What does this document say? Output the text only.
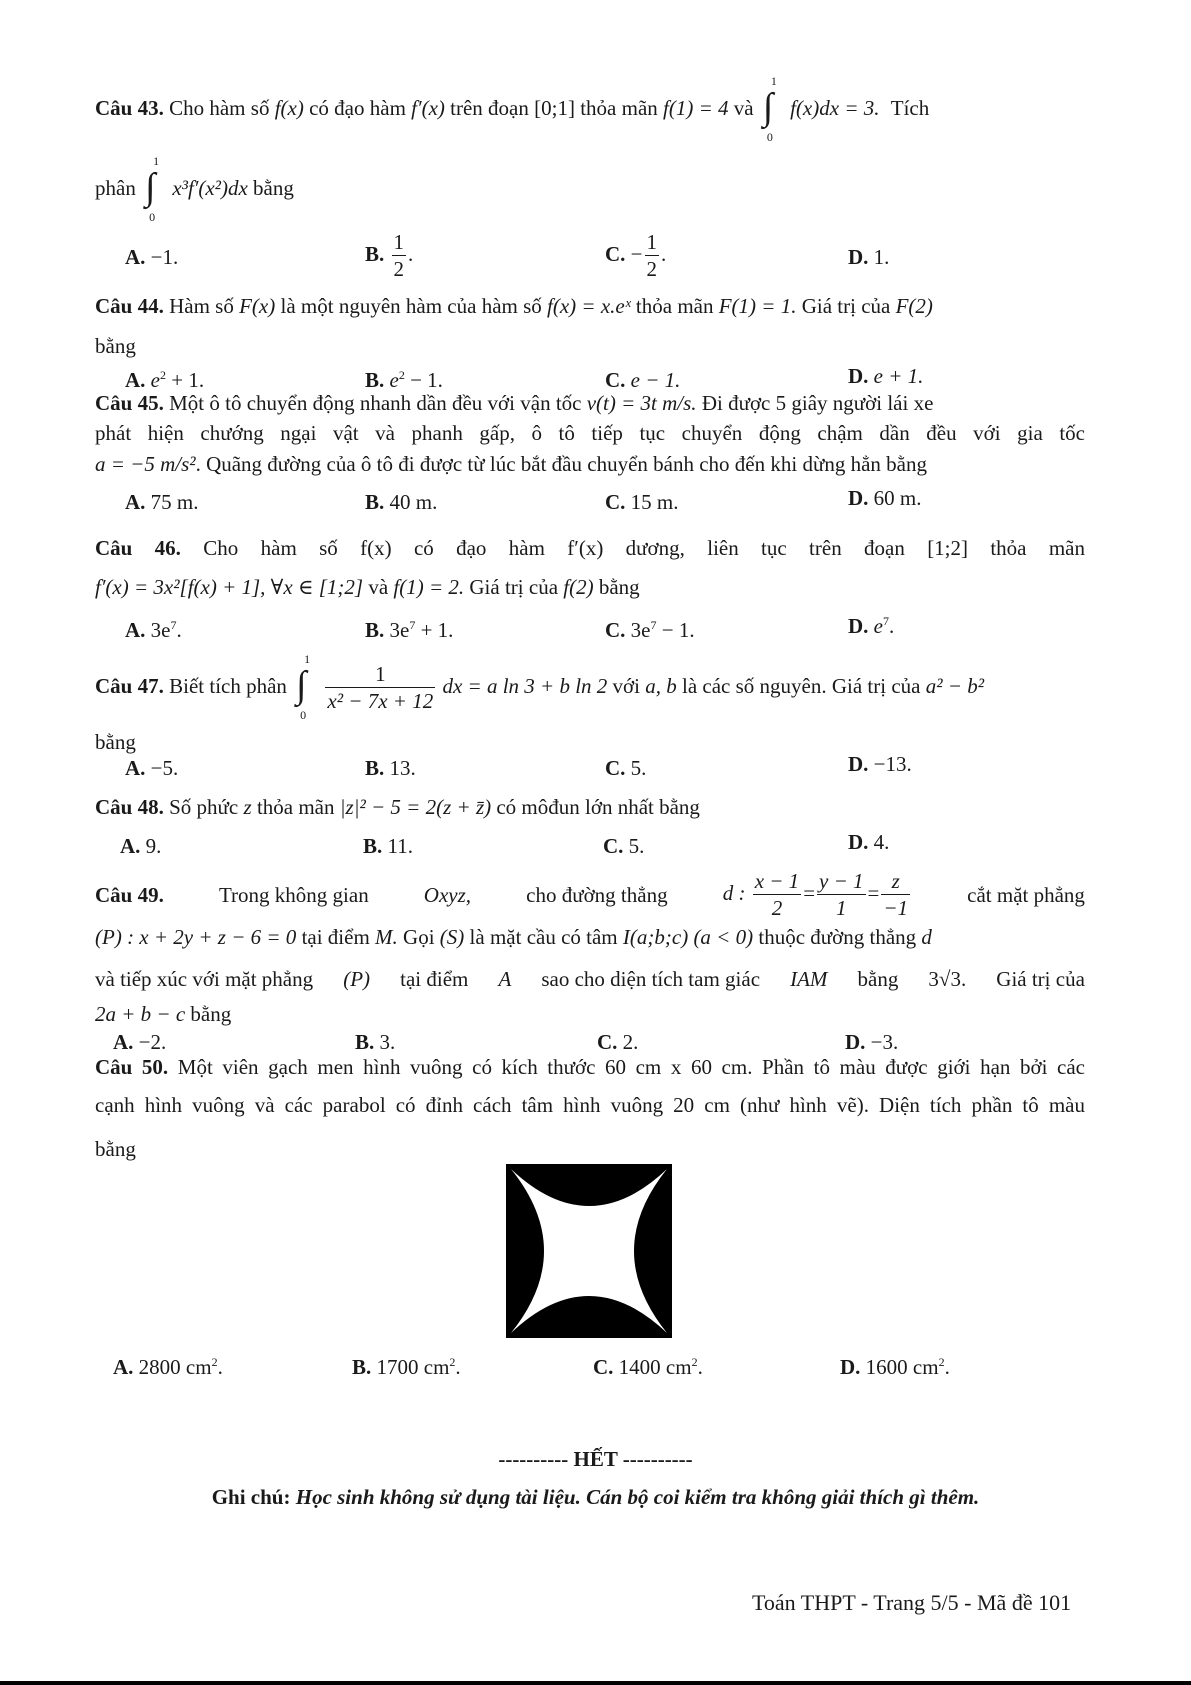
Câu 43. Cho hàm số f(x) có đạo hàm f′(x) trên đoạn [0;1] thỏa mãn f(1) = 4 và ∫
1
0
f(x)dx = 3. Tích
phân ∫
1
0
x³f′(x²)dx bằng
A. −1.	B. $\frac{1}{2}$ .	C. − $\frac{1}{2}$ .	D. 1.
Câu 44. Hàm số F(x) là một nguyên hàm của hàm số f(x) = x.eˣ thỏa mãn F(1) = 1. Giá trị của F(2)
bằng
A. $e^2 + 1$.	B. $e^2 - 1$.	C. e − 1.	D. e + 1.
Câu 45. Một ô tô chuyển động nhanh dần đều với vận tốc v(t) = 3t m/s. Đi được 5 giây người lái xe
phát hiện chướng ngại vật và phanh gấp, ô tô tiếp tục chuyển động chậm dần đều với gia tốc
a = −5 m/s². Quãng đường của ô tô đi được từ lúc bắt đầu chuyển bánh cho đến khi dừng hẳn bằng
A. 75 m.	B. 40 m.	C. 15 m.	D. 60 m.
Câu 46. Cho hàm số f(x) có đạo hàm f′(x) dương, liên tục trên đoạn [1;2] thỏa mãn
f′(x) = 3x²[f(x) + 1], ∀x ∈ [1;2] và f(1) = 2. Giá trị của f(2) bằng
A. $3e^7$.	B. $3e^7 + 1$.	C. $3e^7 - 1$.	D. $e^7$.
Câu 47. Biết tích phân ∫
1
0

$\frac{1}{\text{x² − 7x + 12}}$ dx = a ln 3 + b ln 2 với a, b là các số nguyên. Giá trị của a² − b²
bằng
A. −5.	B. 13.	C. 5.	D. −13.
Câu 48. Số phức z thỏa mãn |z|² − 5 = 2(z + z̄) có môđun lớn nhất bằng
A. 9.	B. 11.	C. 5.	D. 4.
Câu 49.	Trong không gian	Oxyz,	cho đường thẳng	d : $\frac{x - 1}{2} = \frac{y - 1}{1} = \frac{z}{-1}$	cắt mặt phẳng
(P) : x + 2y + z − 6 = 0 tại điểm M. Gọi (S) là mặt cầu có tâm I(a;b;c) (a < 0) thuộc đường thẳng d
và tiếp xúc với mặt phẳng (P) tại điểm A sao cho diện tích tam giác IAM bằng 3√3. Giá trị của
2a + b − c bằng
A. −2.	B. 3.	C. 2.	D. −3.
Câu 50. Một viên gạch men hình vuông có kích thước 60 cm x 60 cm. Phần tô màu được giới hạn bởi các
cạnh hình vuông và các parabol có đỉnh cách tâm hình vuông 20 cm (như hình vẽ). Diện tích phần tô màu
bằng
A. 2800 $cm^2$.	B. 1700 $cm^2$.	C. 1400 $cm^2$.	D. 1600 $cm^2$.
---------- HẾT ----------
Ghi chú: Học sinh không sử dụng tài liệu. Cán bộ coi kiểm tra không giải thích gì thêm.
Toán THPT - Trang 5/5 - Mã đề 101
